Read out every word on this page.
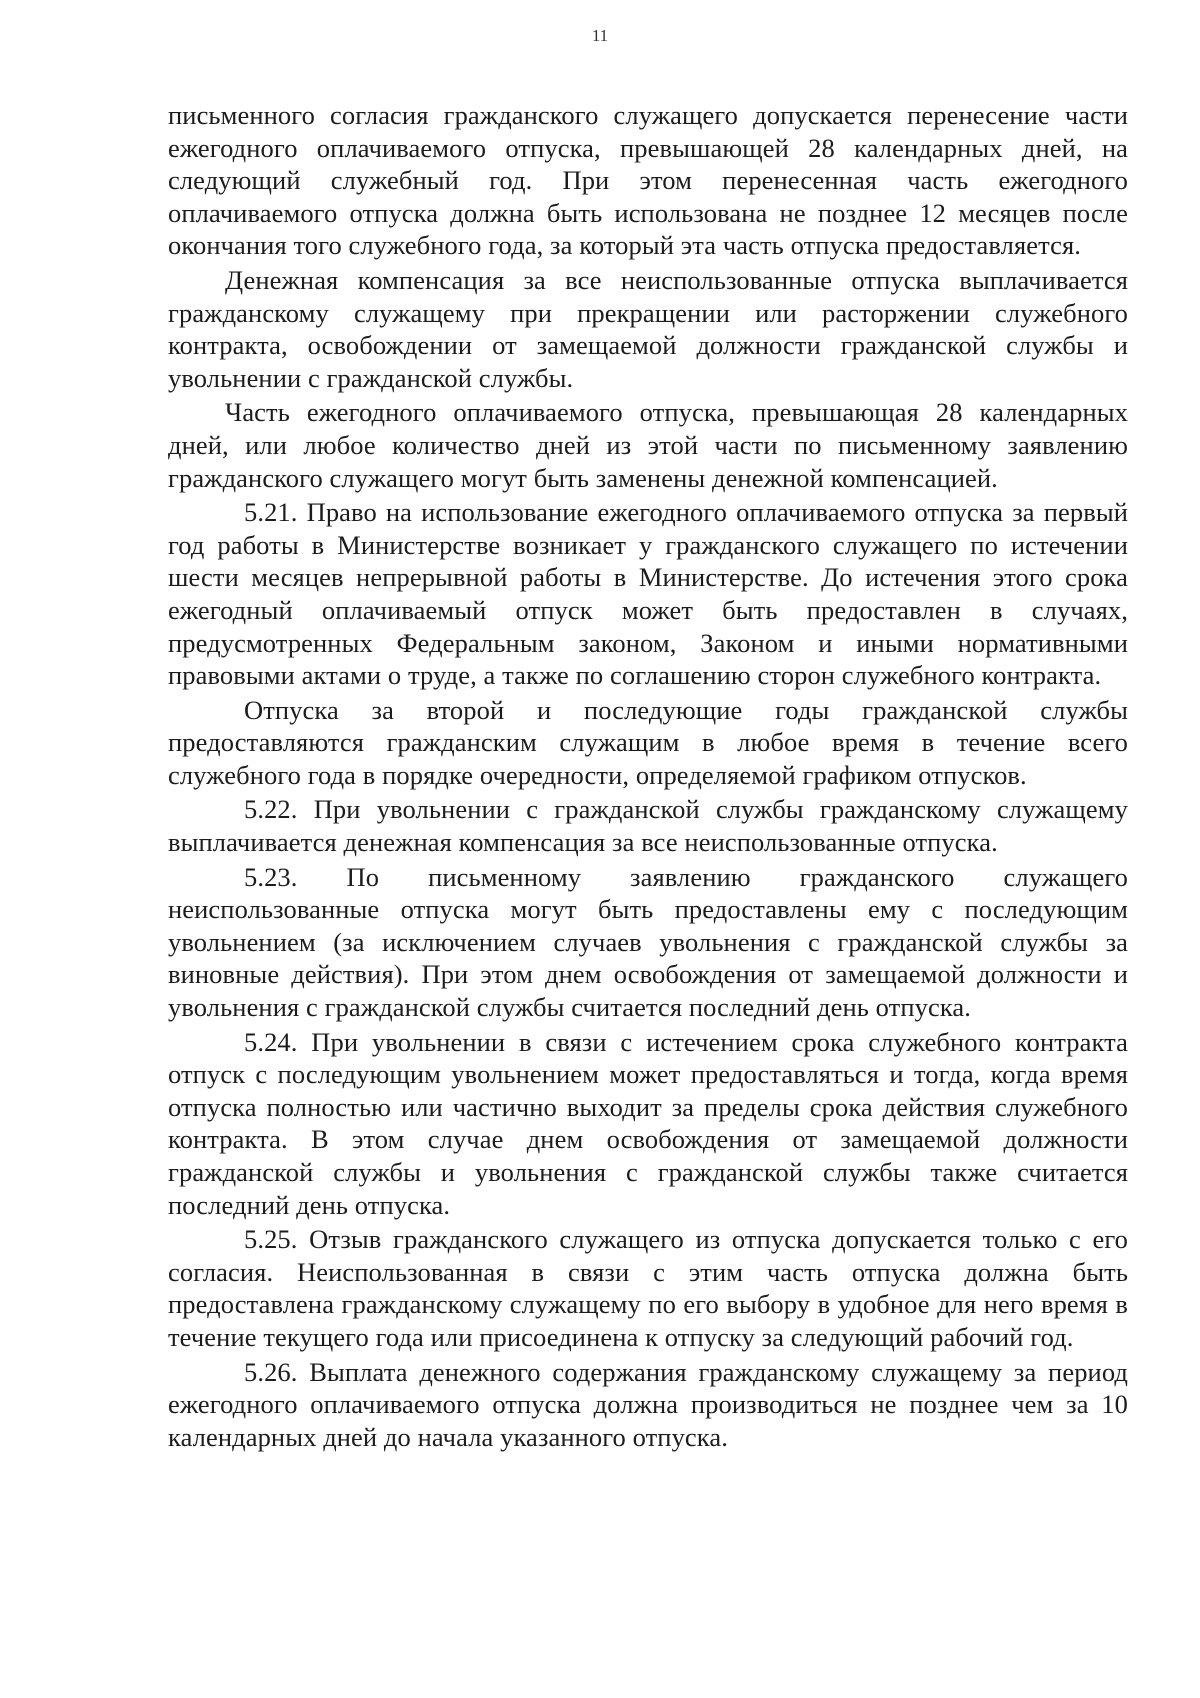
11

письменного согласия гражданского служащего допускается перенесение части ежегодного оплачиваемого отпуска, превышающей 28 календарных дней, на следующий служебный год. При этом перенесенная часть ежегодного оплачиваемого отпуска должна быть использована не позднее 12 месяцев после окончания того служебного года, за который эта часть отпуска предоставляется.

Денежная компенсация за все неиспользованные отпуска выплачивается гражданскому служащему при прекращении или расторжении служебного контракта, освобождении от замещаемой должности гражданской службы и увольнении с гражданской службы.

Часть ежегодного оплачиваемого отпуска, превышающая 28 календарных дней, или любое количество дней из этой части по письменному заявлению гражданского служащего могут быть заменены денежной компенсацией.

5.21. Право на использование ежегодного оплачиваемого отпуска за первый год работы в Министерстве возникает у гражданского служащего по истечении шести месяцев непрерывной работы в Министерстве. До истечения этого срока ежегодный оплачиваемый отпуск может быть предоставлен в случаях, предусмотренных Федеральным законом, Законом и иными нормативными правовыми актами о труде, а также по соглашению сторон служебного контракта.

Отпуска за второй и последующие годы гражданской службы предоставляются гражданским служащим в любое время в течение всего служебного года в порядке очередности, определяемой графиком отпусков.

5.22. При увольнении с гражданской службы гражданскому служащему выплачивается денежная компенсация за все неиспользованные отпуска.

5.23. По письменному заявлению гражданского служащего неиспользованные отпуска могут быть предоставлены ему с последующим увольнением (за исключением случаев увольнения с гражданской службы за виновные действия). При этом днем освобождения от замещаемой должности и увольнения с гражданской службы считается последний день отпуска.

5.24. При увольнении в связи с истечением срока служебного контракта отпуск с последующим увольнением может предоставляться и тогда, когда время отпуска полностью или частично выходит за пределы срока действия служебного контракта. В этом случае днем освобождения от замещаемой должности гражданской службы и увольнения с гражданской службы также считается последний день отпуска.

5.25. Отзыв гражданского служащего из отпуска допускается только с его согласия. Неиспользованная в связи с этим часть отпуска должна быть предоставлена гражданскому служащему по его выбору в удобное для него время в течение текущего года или присоединена к отпуску за следующий рабочий год.

5.26. Выплата денежного содержания гражданскому служащему за период ежегодного оплачиваемого отпуска должна производиться не позднее чем за 10 календарных дней до начала указанного отпуска.
